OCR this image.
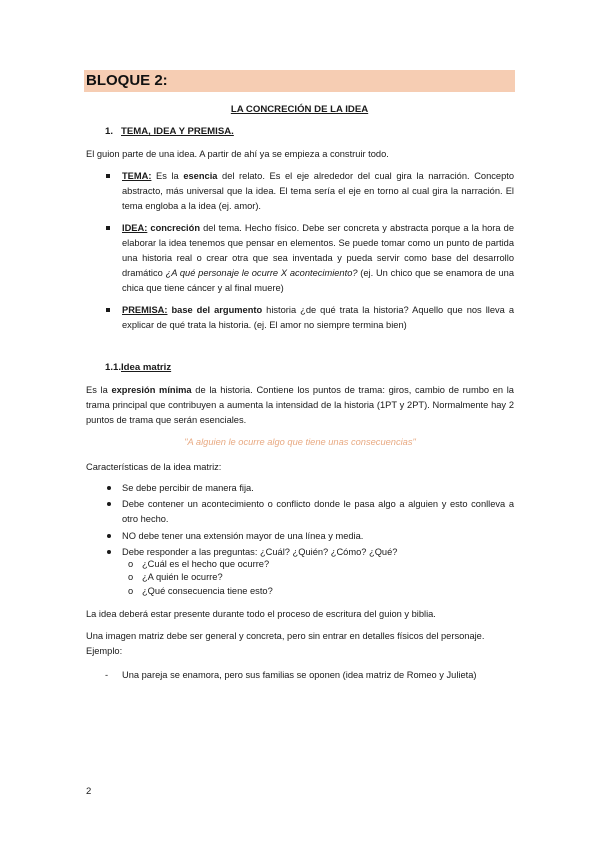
BLOQUE 2:
LA CONCRECIÓN DE LA IDEA
1. TEMA, IDEA Y PREMISA.

El guion parte de una idea. A partir de ahí ya se empieza a construir todo.

TEMA: Es la esencia del relato. Es el eje alrededor del cual gira la narración. Concepto abstracto, más universal que la idea. El tema sería el eje en torno al cual gira la narración. El tema engloba a la idea (ej. amor).
IDEA: concreción del tema. Hecho físico. Debe ser concreta y abstracta porque a la hora de elaborar la idea tenemos que pensar en elementos. Se puede tomar como un punto de partida una historia real o crear otra que sea inventada y pueda servir como base del desarrollo dramático ¿A qué personaje le ocurre X acontecimiento? (ej. Un chico que se enamora de una chica que tiene cáncer y al final muere)
PREMISA: base del argumento historia ¿de qué trata la historia? Aquello que nos lleva a explicar de qué trata la historia. (ej. El amor no siempre termina bien)
1.1.Idea matriz

Es la expresión mínima de la historia. Contiene los puntos de trama: giros, cambio de rumbo en la trama principal que contribuyen a aumenta la intensidad de la historia (1PT y 2PT). Normalmente hay 2 puntos de trama que serán esenciales.

"A alguien le ocurre algo que tiene unas consecuencias"

Características de la idea matriz:

Se debe percibir de manera fija.
Debe contener un acontecimiento o conflicto donde le pasa algo a alguien y esto conlleva a otro hecho.
NO debe tener una extensión mayor de una línea y media.
Debe responder a las preguntas: ¿Cuál? ¿Quién? ¿Cómo? ¿Qué?
o ¿Cuál es el hecho que ocurre?
o ¿A quién le ocurre?
o ¿Qué consecuencia tiene esto?

La idea deberá estar presente durante todo el proceso de escritura del guion y biblia.

Una imagen matriz debe ser general y concreta, pero sin entrar en detalles físicos del personaje. Ejemplo:

- Una pareja se enamora, pero sus familias se oponen (idea matriz de Romeo y Julieta)
2
